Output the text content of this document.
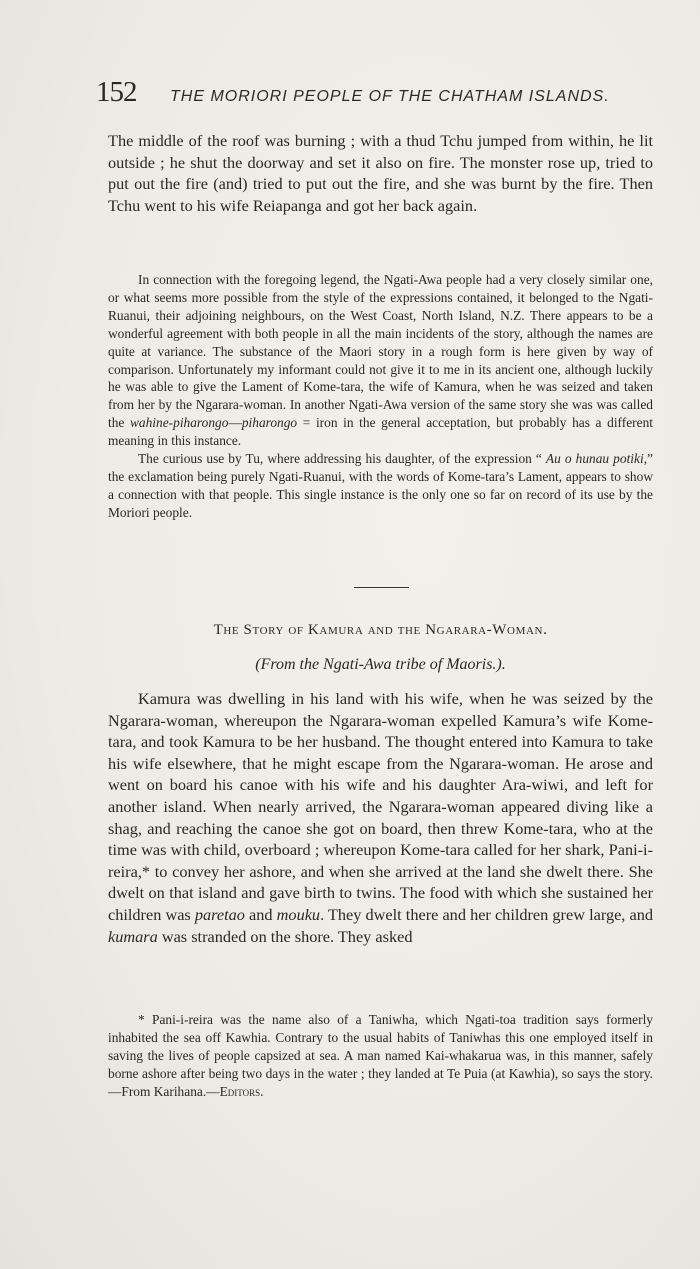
152 THE MORIORI PEOPLE OF THE CHATHAM ISLANDS.

The middle of the roof was burning ; with a thud Tchu jumped from within, he lit outside ; he shut the doorway and set it also on fire. The monster rose up, tried to put out the fire (and) tried to put out the fire, and she was burnt by the fire. Then Tchu went to his wife Reiapanga and got her back again.

In connection with the foregoing legend, the Ngati-Awa people had a very closely similar one, or what seems more possible from the style of the expressions contained, it belonged to the Ngati-Ruanui, their adjoining neighbours, on the West Coast, North Island, N.Z. There appears to be a wonderful agreement with both people in all the main incidents of the story, although the names are quite at variance. The substance of the Maori story in a rough form is here given by way of comparison. Unfortunately my informant could not give it to me in its ancient one, although luckily he was able to give the Lament of Kome-tara, the wife of Kamura, when he was seized and taken from her by the Ngarara-woman. In another Ngati-Awa version of the same story she was was called the wahine-piharongo—piharongo = iron in the general acceptation, but probably has a different meaning in this instance.

The curious use by Tu, where addressing his daughter, of the expression “ Au o hunau potiki,” the exclamation being purely Ngati-Ruanui, with the words of Kome-tara’s Lament, appears to show a connection with that people. This single instance is the only one so far on record of its use by the Moriori people.

The Story of Kamura and the Ngarara-Woman.
(From the Ngati-Awa tribe of Maoris.).

Kamura was dwelling in his land with his wife, when he was seized by the Ngarara-woman, whereupon the Ngarara-woman expelled Kamura’s wife Kome-tara, and took Kamura to be her husband. The thought entered into Kamura to take his wife elsewhere, that he might escape from the Ngarara-woman. He arose and went on board his canoe with his wife and his daughter Ara-wiwi, and left for another island. When nearly arrived, the Ngarara-woman appeared diving like a shag, and reaching the canoe she got on board, then threw Kome-tara, who at the time was with child, overboard ; whereupon Kome-tara called for her shark, Pani-i-reira,* to convey her ashore, and when she arrived at the land she dwelt there. She dwelt on that island and gave birth to twins. The food with which she sustained her children was paretao and mouku. They dwelt there and her children grew large, and kumara was stranded on the shore. They asked

* Pani-i-reira was the name also of a Taniwha, which Ngati-toa tradition says formerly inhabited the sea off Kawhia. Contrary to the usual habits of Taniwhas this one employed itself in saving the lives of people capsized at sea. A man named Kai-whakarua was, in this manner, safely borne ashore after being two days in the water ; they landed at Te Puia (at Kawhia), so says the story.—From Karihana.—Editors.
